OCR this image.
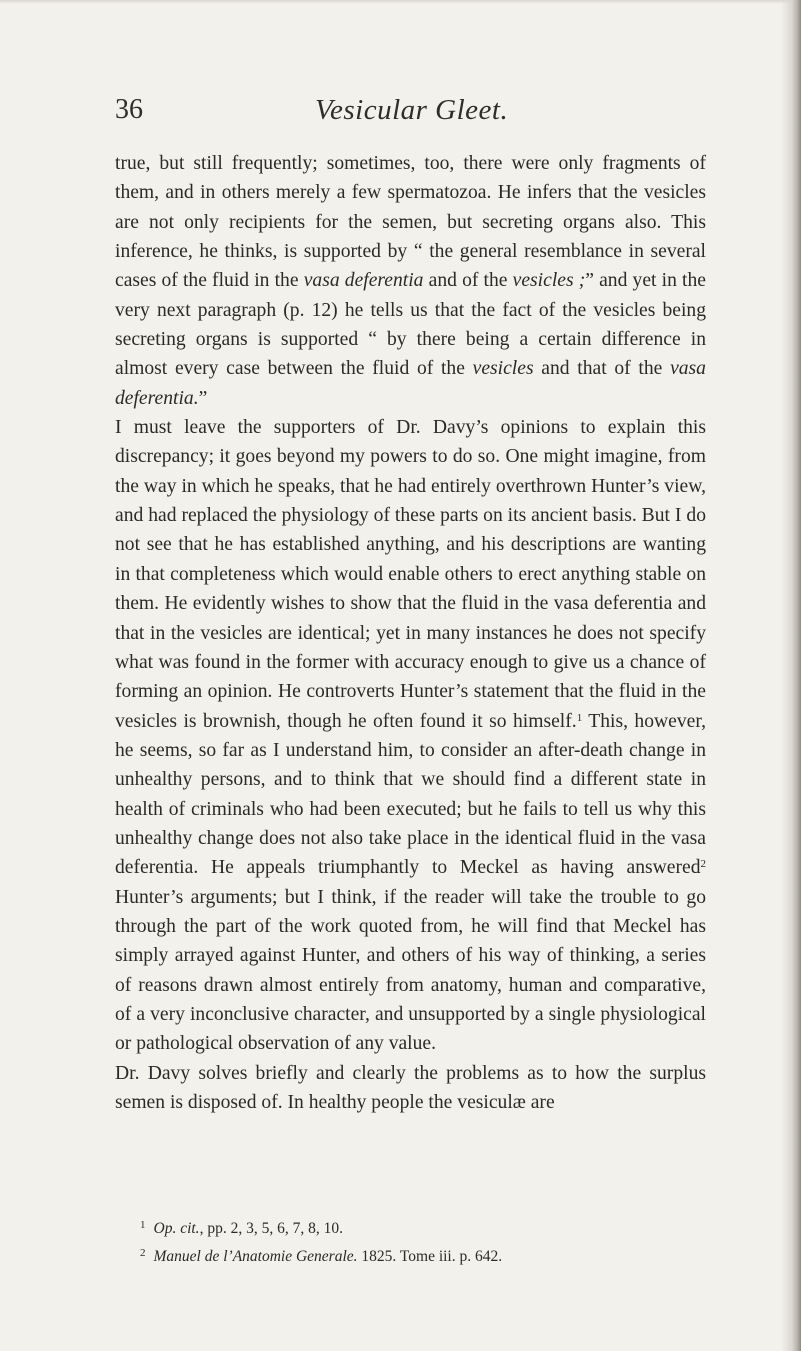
36	Vesicular Gleet.

true, but still frequently; sometimes, too, there were only fragments of them, and in others merely a few spermatozoa. He infers that the vesicles are not only recipients for the semen, but secreting organs also. This inference, he thinks, is supported by “ the general resemblance in several cases of the fluid in the vasa deferentia and of the vesicles ;” and yet in the very next paragraph (p. 12) he tells us that the fact of the vesicles being secreting organs is supported “ by there being a certain difference in almost every case between the fluid of the vesicles and that of the vasa deferentia.”

I must leave the supporters of Dr. Davy’s opinions to explain this discrepancy; it goes beyond my powers to do so. One might imagine, from the way in which he speaks, that he had entirely overthrown Hunter’s view, and had replaced the physiology of these parts on its ancient basis. But I do not see that he has established anything, and his descriptions are wanting in that completeness which would enable others to erect anything stable on them. He evidently wishes to show that the fluid in the vasa deferentia and that in the vesicles are identical; yet in many instances he does not specify what was found in the former with accuracy enough to give us a chance of forming an opinion. He controverts Hunter’s statement that the fluid in the vesicles is brownish, though he often found it so himself.$^1$ This, however, he seems, so far as I understand him, to consider an after-death change in unhealthy persons, and to think that we should find a different state in health of criminals who had been executed; but he fails to tell us why this unhealthy change does not also take place in the identical fluid in the vasa deferentia. He appeals triumphantly to Meckel as having answered$^2$ Hunter’s arguments; but I think, if the reader will take the trouble to go through the part of the work quoted from, he will find that Meckel has simply arrayed against Hunter, and others of his way of thinking, a series of reasons drawn almost entirely from anatomy, human and comparative, of a very inconclusive character, and unsupported by a single physiological or pathological observation of any value.

Dr. Davy solves briefly and clearly the problems as to how the surplus semen is disposed of. In healthy people the vesiculæ are

$^1$ Op. cit., pp. 2, 3, 5, 6, 7, 8, 10.
$^2$ Manuel de l’Anatomie Generale. 1825. Tome iii. p. 642.
